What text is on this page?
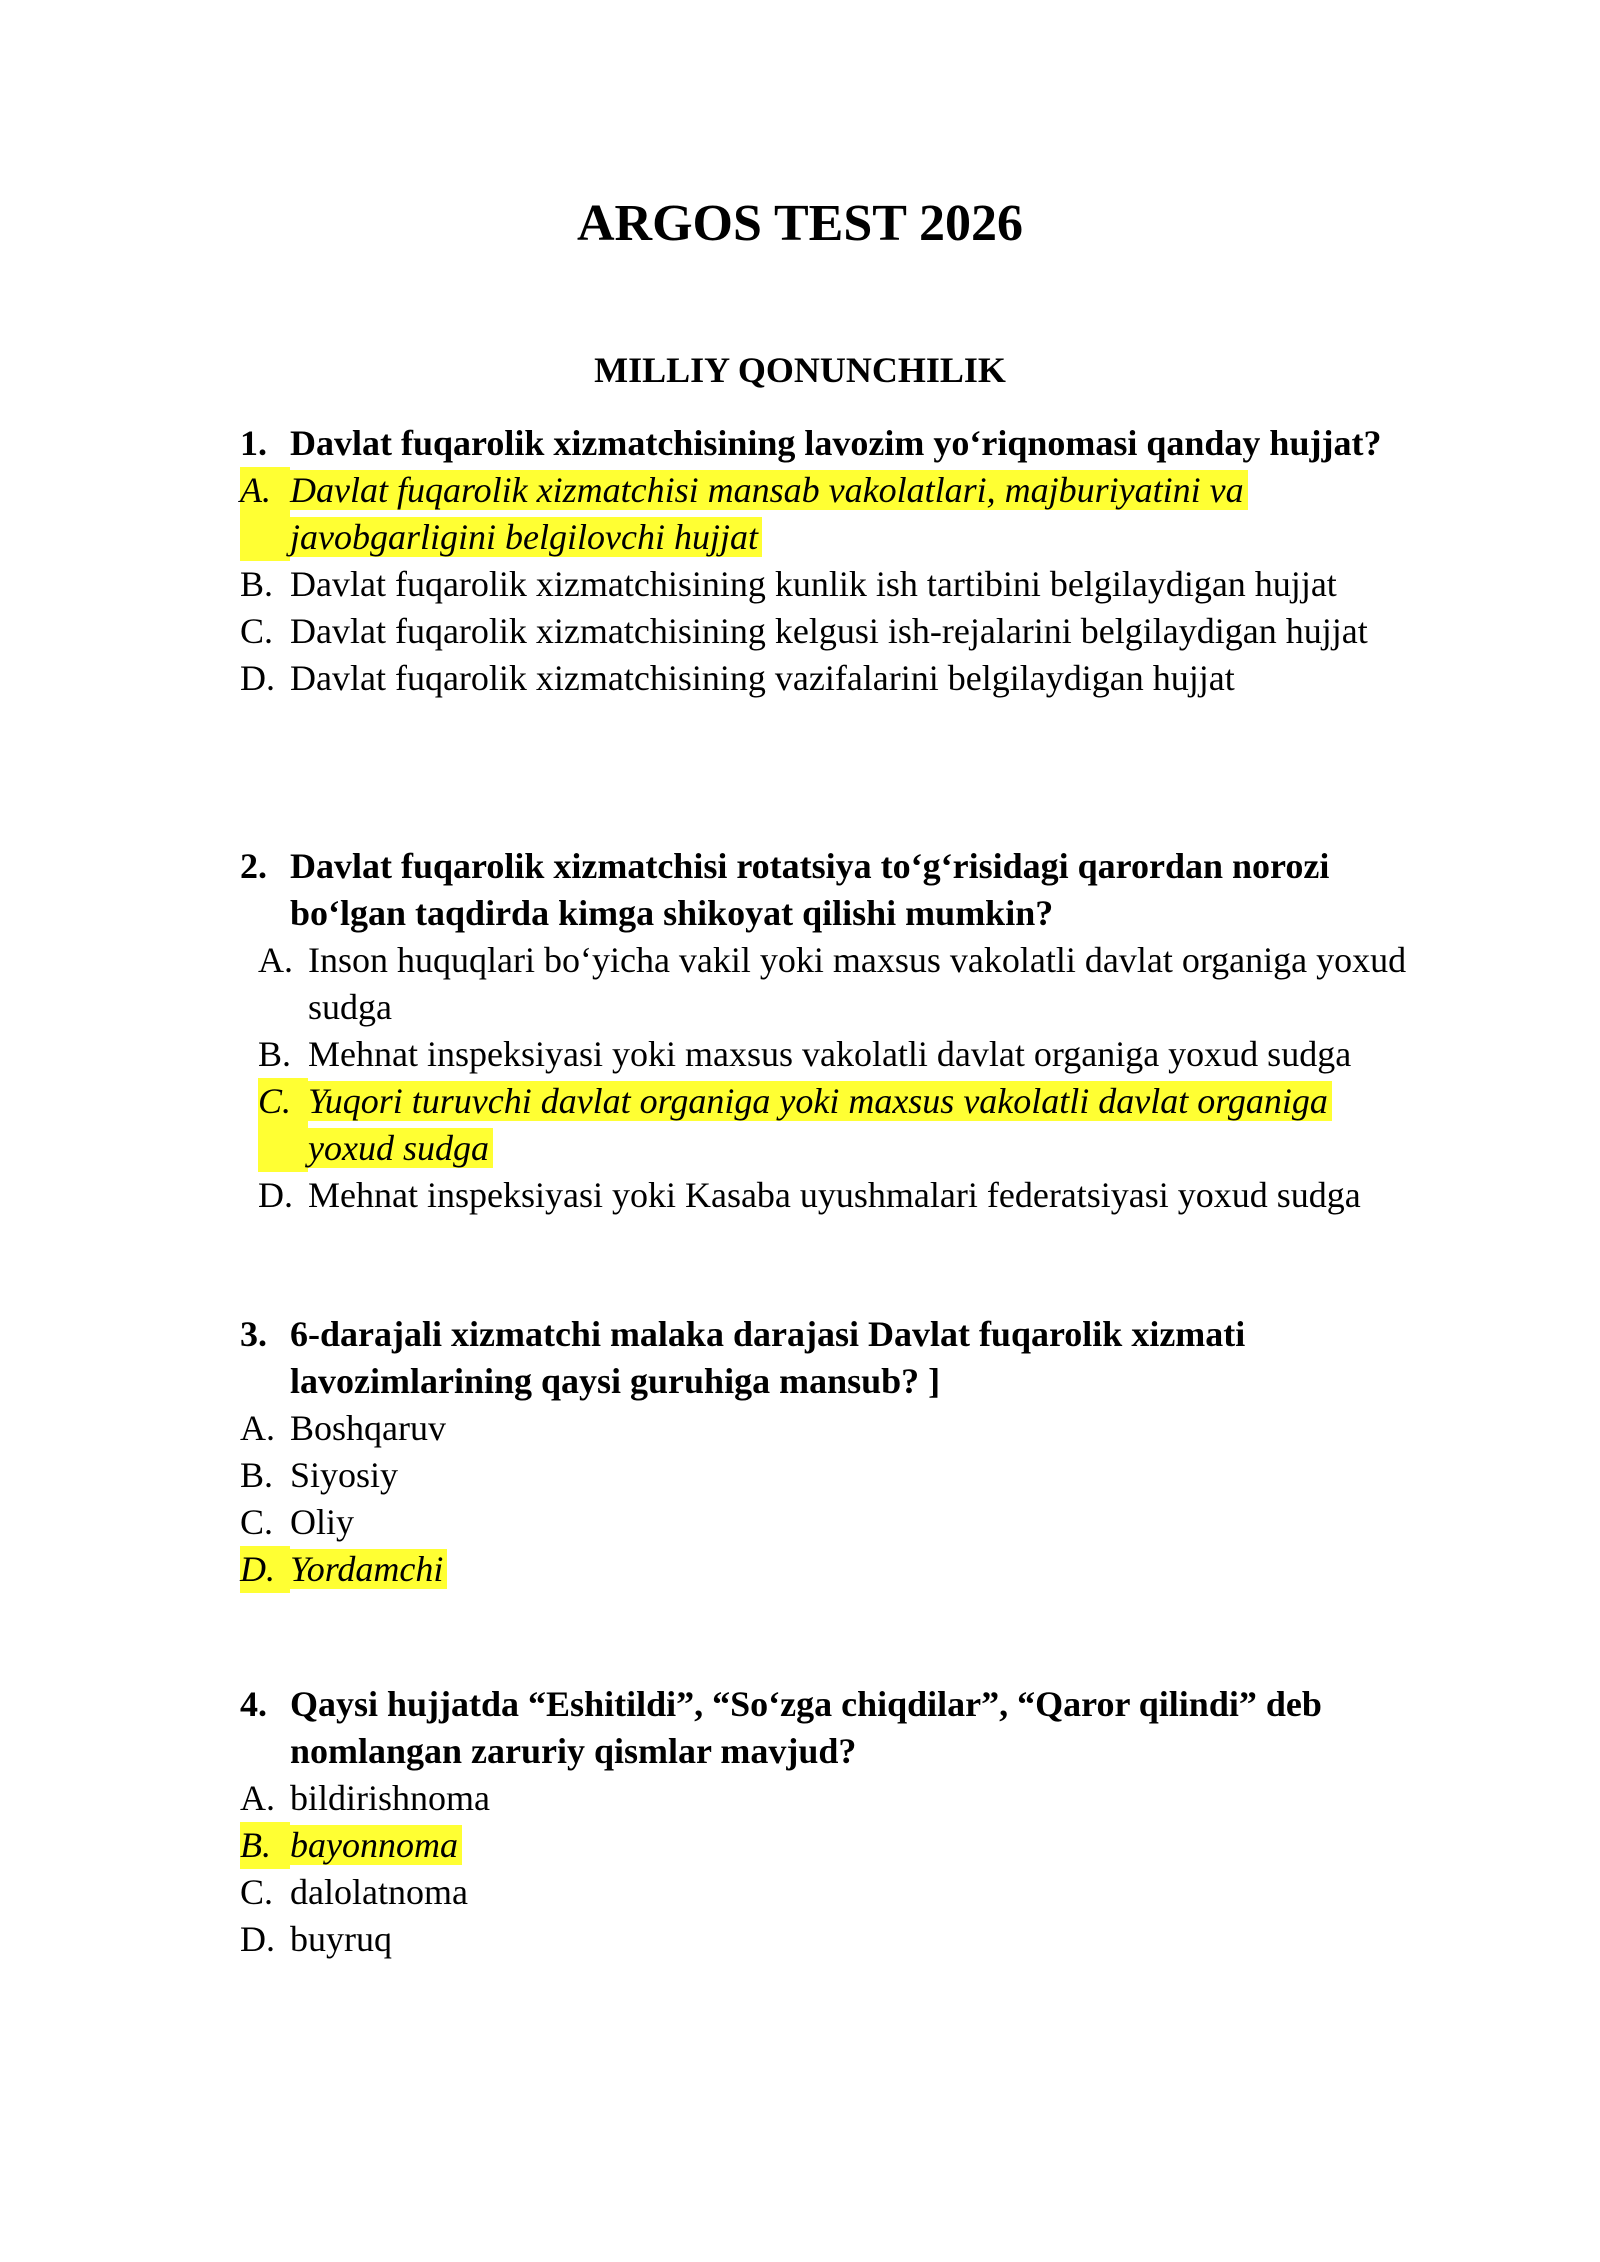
ARGOS TEST 2026
MILLIY QONUNCHILIK
1. Davlat fuqarolik xizmatchisining lavozim yo‘riqnomasi qanday hujjat?
A. Davlat fuqarolik xizmatchisi mansab vakolatlari, majburiyatini va javobgarligini belgilovchi hujjat
B. Davlat fuqarolik xizmatchisining kunlik ish tartibini belgilaydigan hujjat
C. Davlat fuqarolik xizmatchisining kelgusi ish-rejalarini belgilaydigan hujjat
D. Davlat fuqarolik xizmatchisining vazifalarini belgilaydigan hujjat
2. Davlat fuqarolik xizmatchisi rotatsiya to‘g‘risidagi qarordan norozi bo‘lgan taqdirda kimga shikoyat qilishi mumkin?
A. Inson huquqlari bo‘yicha vakil yoki maxsus vakolatli davlat organiga yoxud sudga
B. Mehnat inspeksiyasi yoki maxsus vakolatli davlat organiga yoxud sudga
C. Yuqori turuvchi davlat organiga yoki maxsus vakolatli davlat organiga yoxud sudga
D. Mehnat inspeksiyasi yoki Kasaba uyushmalari federatsiyasi yoxud sudga
3. 6-darajali xizmatchi malaka darajasi Davlat fuqarolik xizmati lavozimlarining qaysi guruhiga mansub? ]
A. Boshqaruv
B. Siyosiy
C. Oliy
D. Yordamchi
4. Qaysi hujjatda “Eshitildi”, “So‘zga chiqdilar”, “Qaror qilindi” deb nomlangan zaruriy qismlar mavjud?
A. bildirishnoma
B. bayonnoma
C. dalolatnoma
D. buyruq
